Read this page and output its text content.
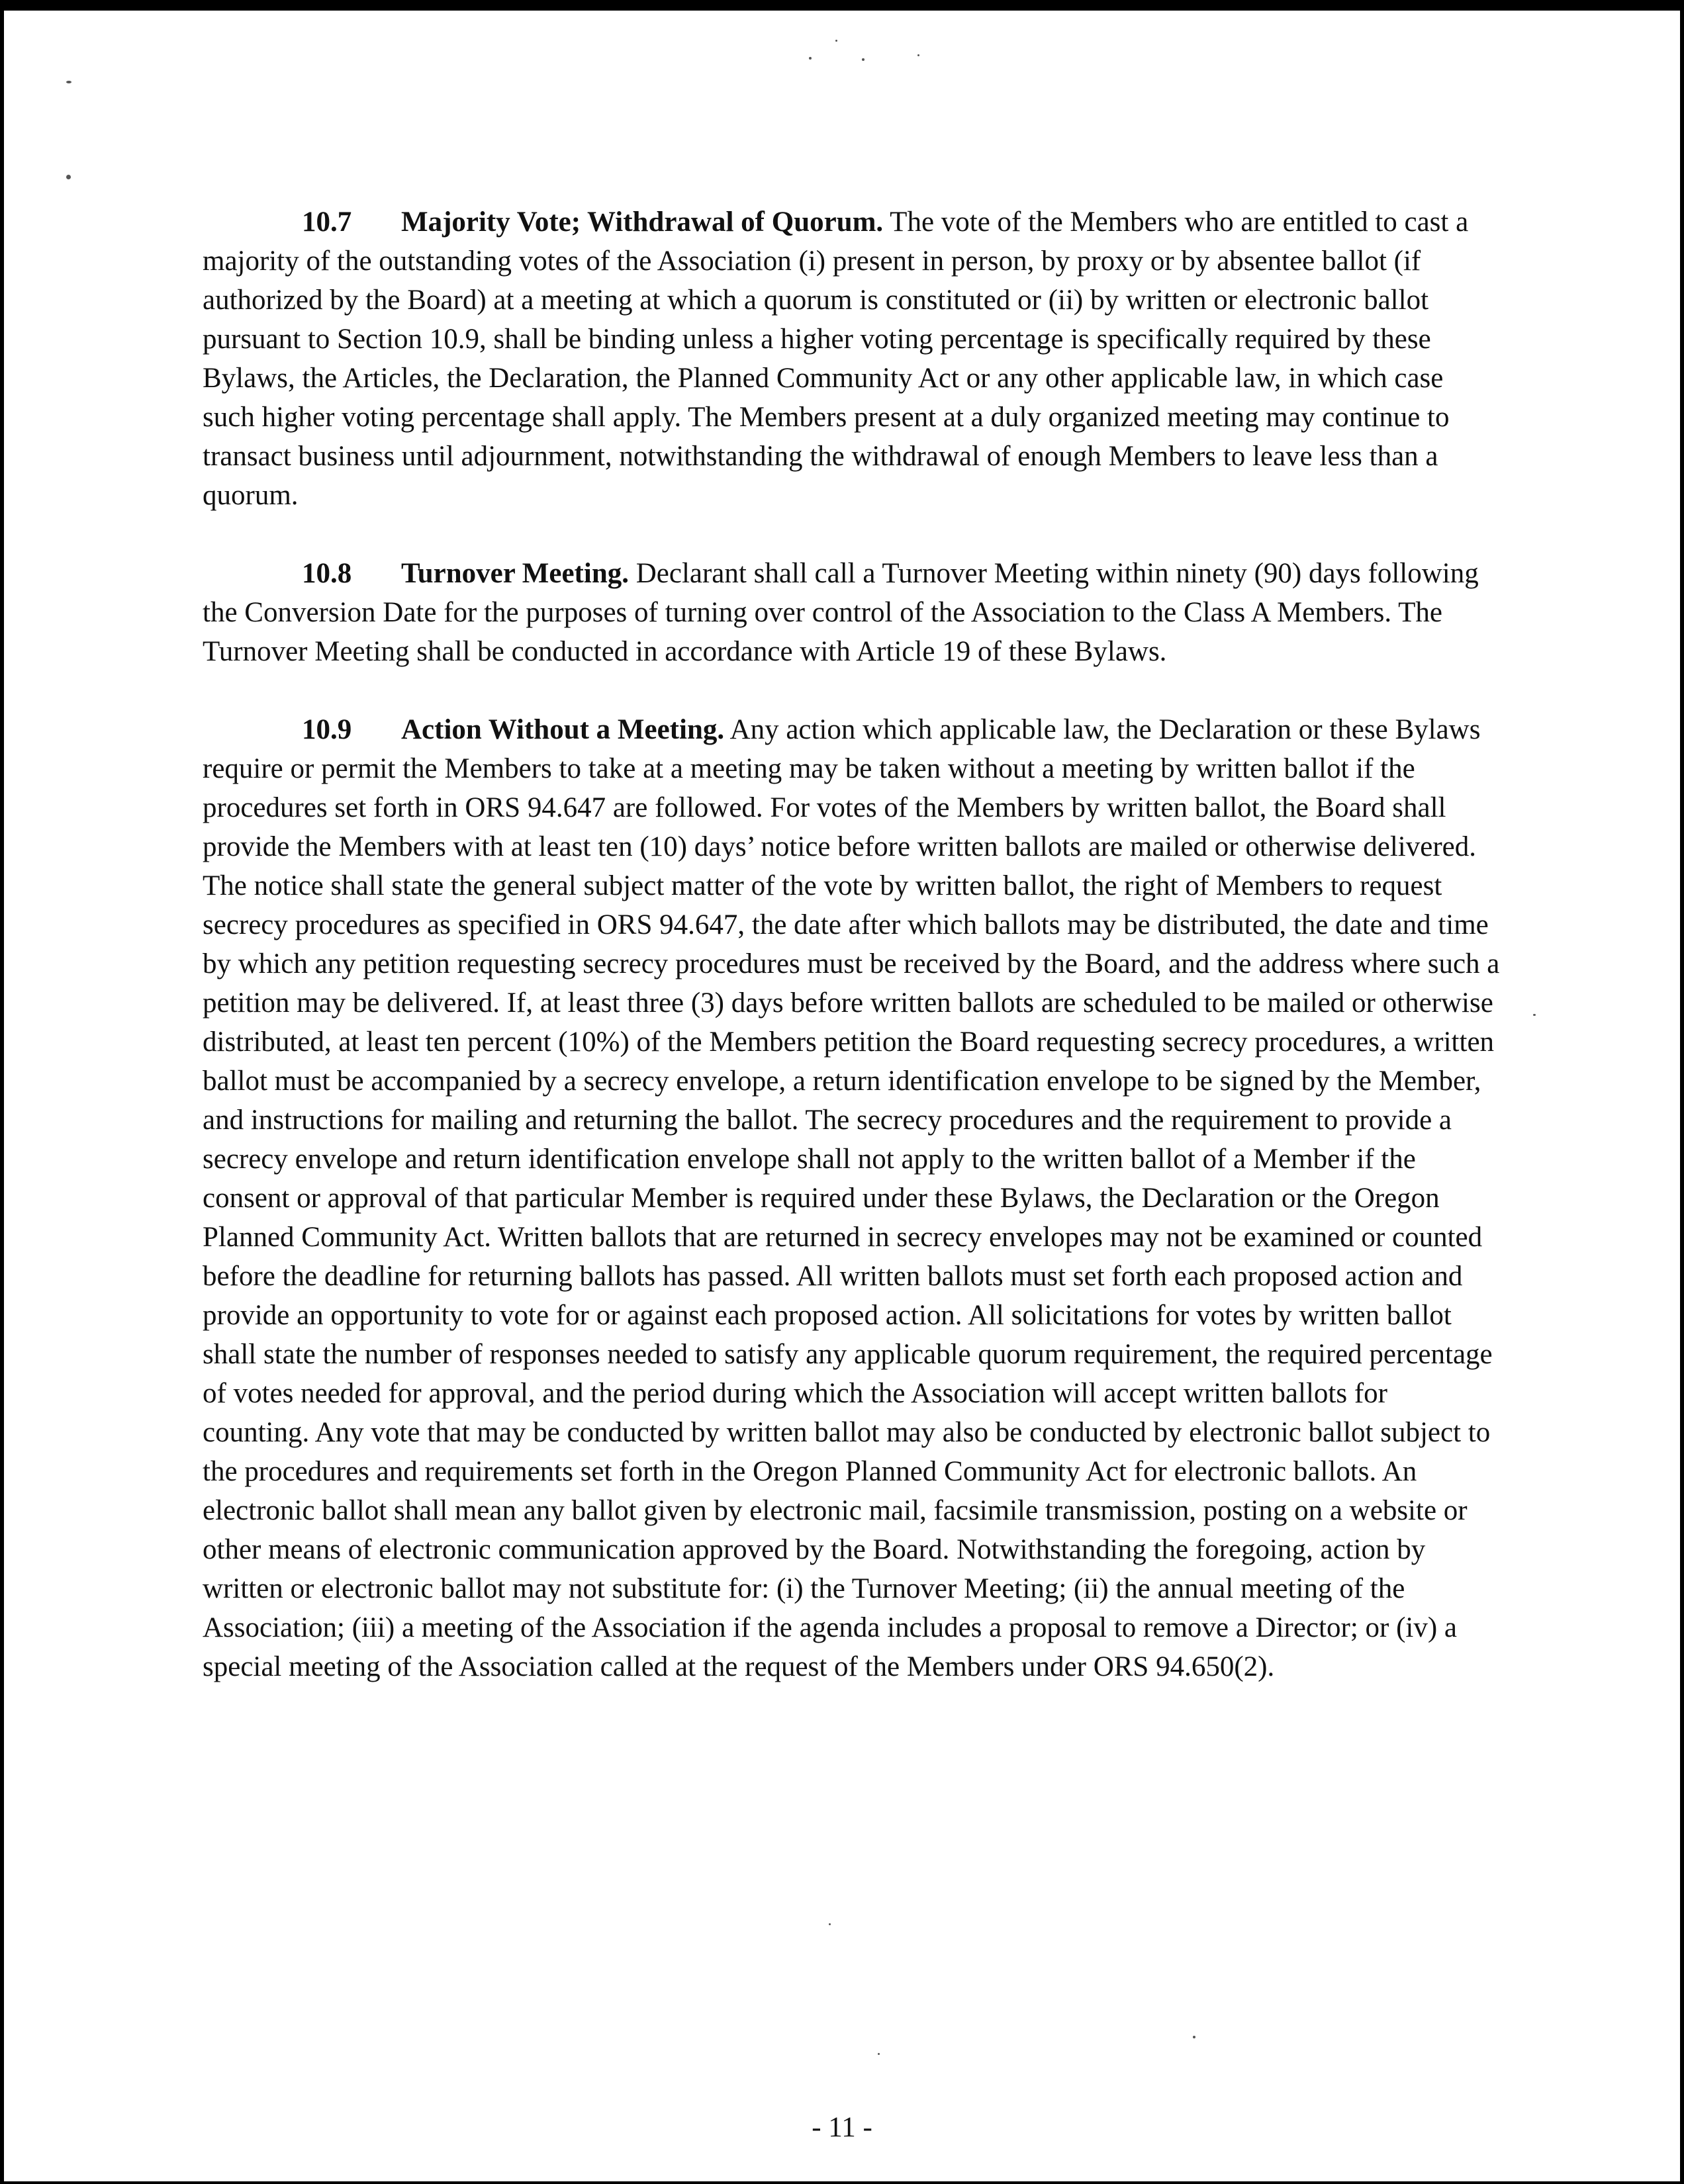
10.7 Majority Vote; Withdrawal of Quorum. The vote of the Members who are entitled to cast a majority of the outstanding votes of the Association (i) present in person, by proxy or by absentee ballot (if authorized by the Board) at a meeting at which a quorum is constituted or (ii) by written or electronic ballot pursuant to Section 10.9, shall be binding unless a higher voting percentage is specifically required by these Bylaws, the Articles, the Declaration, the Planned Community Act or any other applicable law, in which case such higher voting percentage shall apply. The Members present at a duly organized meeting may continue to transact business until adjournment, notwithstanding the withdrawal of enough Members to leave less than a quorum.

10.8 Turnover Meeting. Declarant shall call a Turnover Meeting within ninety (90) days following the Conversion Date for the purposes of turning over control of the Association to the Class A Members. The Turnover Meeting shall be conducted in accordance with Article 19 of these Bylaws.

10.9 Action Without a Meeting. Any action which applicable law, the Declaration or these Bylaws require or permit the Members to take at a meeting may be taken without a meeting by written ballot if the procedures set forth in ORS 94.647 are followed. For votes of the Members by written ballot, the Board shall provide the Members with at least ten (10) days’ notice before written ballots are mailed or otherwise delivered. The notice shall state the general subject matter of the vote by written ballot, the right of Members to request secrecy procedures as specified in ORS 94.647, the date after which ballots may be distributed, the date and time by which any petition requesting secrecy procedures must be received by the Board, and the address where such a petition may be delivered. If, at least three (3) days before written ballots are scheduled to be mailed or otherwise distributed, at least ten percent (10%) of the Members petition the Board requesting secrecy procedures, a written ballot must be accompanied by a secrecy envelope, a return identification envelope to be signed by the Member, and instructions for mailing and returning the ballot. The secrecy procedures and the requirement to provide a secrecy envelope and return identification envelope shall not apply to the written ballot of a Member if the consent or approval of that particular Member is required under these Bylaws, the Declaration or the Oregon Planned Community Act. Written ballots that are returned in secrecy envelopes may not be examined or counted before the deadline for returning ballots has passed. All written ballots must set forth each proposed action and provide an opportunity to vote for or against each proposed action. All solicitations for votes by written ballot shall state the number of responses needed to satisfy any applicable quorum requirement, the required percentage of votes needed for approval, and the period during which the Association will accept written ballots for counting. Any vote that may be conducted by written ballot may also be conducted by electronic ballot subject to the procedures and requirements set forth in the Oregon Planned Community Act for electronic ballots. An electronic ballot shall mean any ballot given by electronic mail, facsimile transmission, posting on a website or other means of electronic communication approved by the Board. Notwithstanding the foregoing, action by written or electronic ballot may not substitute for: (i) the Turnover Meeting; (ii) the annual meeting of the Association; (iii) a meeting of the Association if the agenda includes a proposal to remove a Director; or (iv) a special meeting of the Association called at the request of the Members under ORS 94.650(2).

- 11 -
